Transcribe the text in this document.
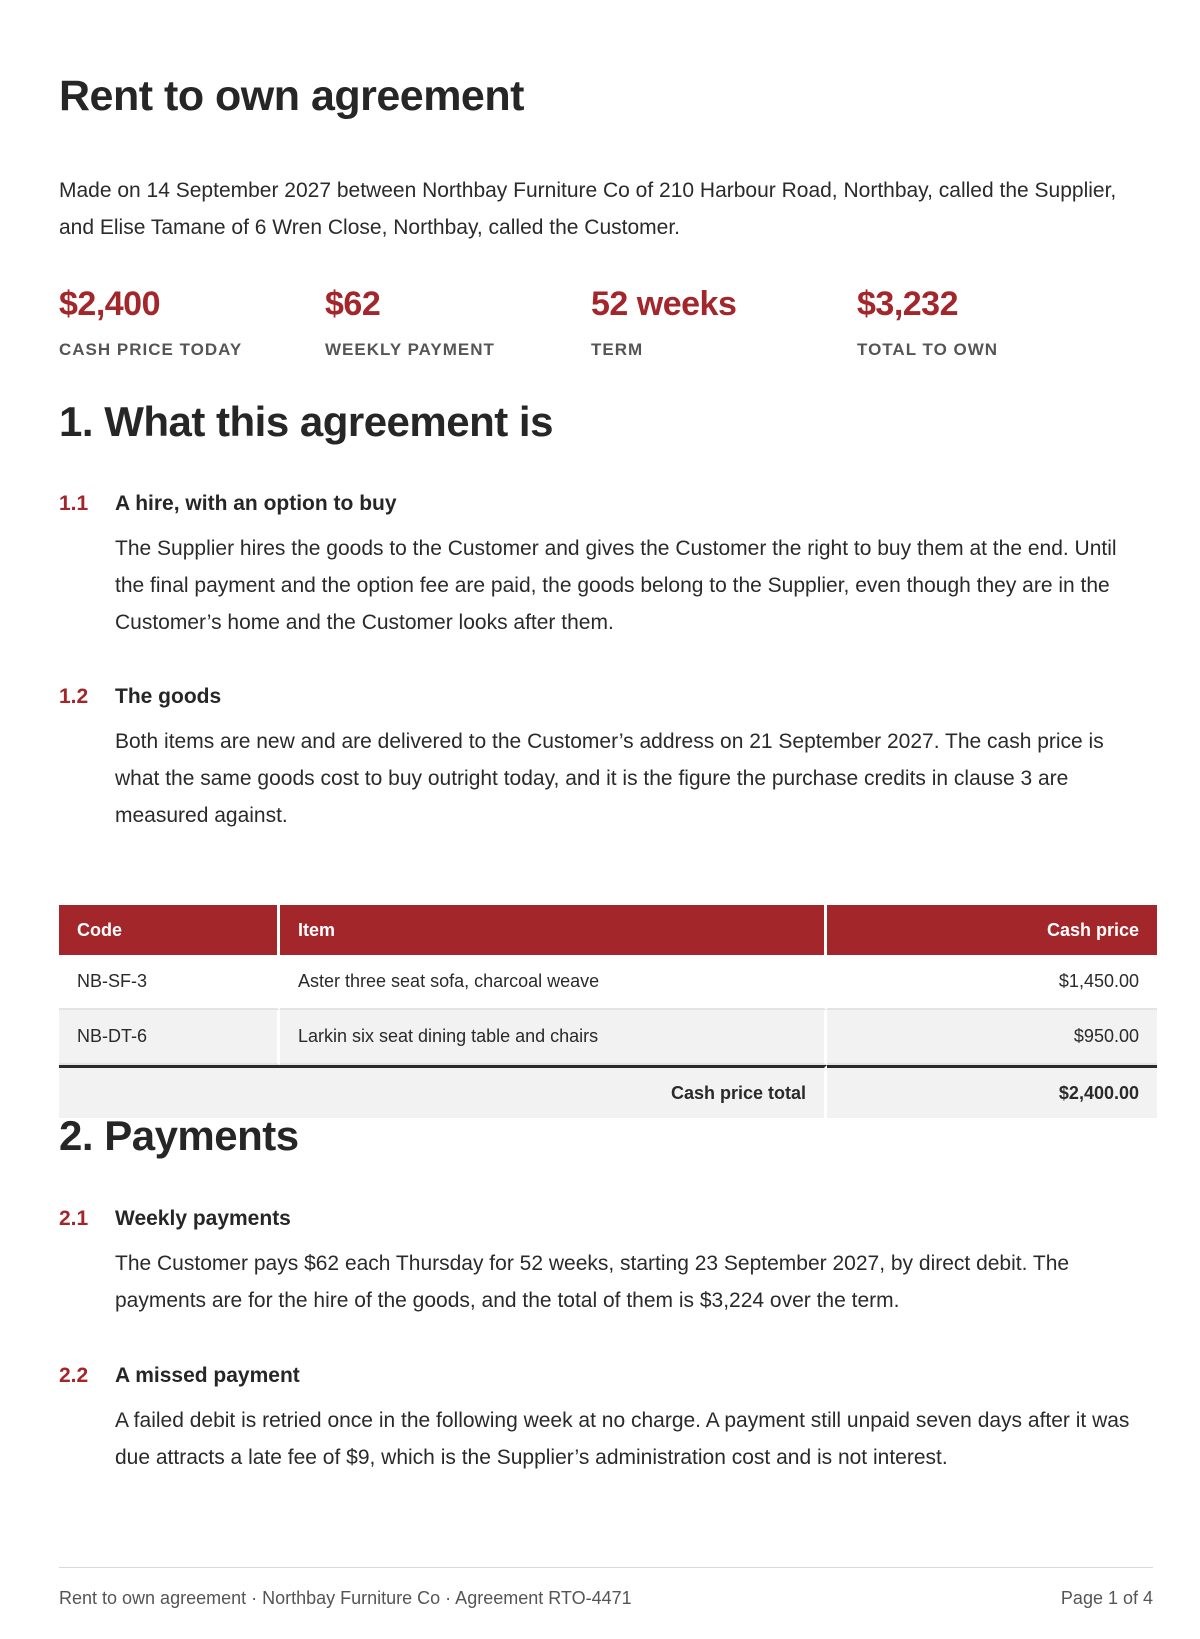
Rent to own agreement

Made on 14 September 2027 between Northbay Furniture Co of 210 Harbour Road, Northbay, called the Supplier, and Elise Tamane of 6 Wren Close, Northbay, called the Customer.

$2,400
CASH PRICE TODAY
$62
WEEKLY PAYMENT
52 weeks
TERM
$3,232
TOTAL TO OWN
1. What this agreement is
1.1 A hire, with an option to buy

The Supplier hires the goods to the Customer and gives the Customer the right to buy them at the end. Until the final payment and the option fee are paid, the goods belong to the Supplier, even though they are in the Customer’s home and the Customer looks after them.

1.2 The goods

Both items are new and are delivered to the Customer’s address on 21 September 2027. The cash price is what the same goods cost to buy outright today, and it is the figure the purchase credits in clause 3 are measured against.

Code	Item	Cash price
NB-SF-3	Aster three seat sofa, charcoal weave	$1,450.00
NB-DT-6	Larkin six seat dining table and chairs	$950.00
Cash price total		$2,400.00
2. Payments
2.1 Weekly payments

The Customer pays $62 each Thursday for 52 weeks, starting 23 September 2027, by direct debit. The payments are for the hire of the goods, and the total of them is $3,224 over the term.

2.2 A missed payment

A failed debit is retried once in the following week at no charge. A payment still unpaid seven days after it was due attracts a late fee of $9, which is the Supplier’s administration cost and is not interest.

Rent to own agreement · Northbay Furniture Co · Agreement RTO-4471	Page 1 of 4
